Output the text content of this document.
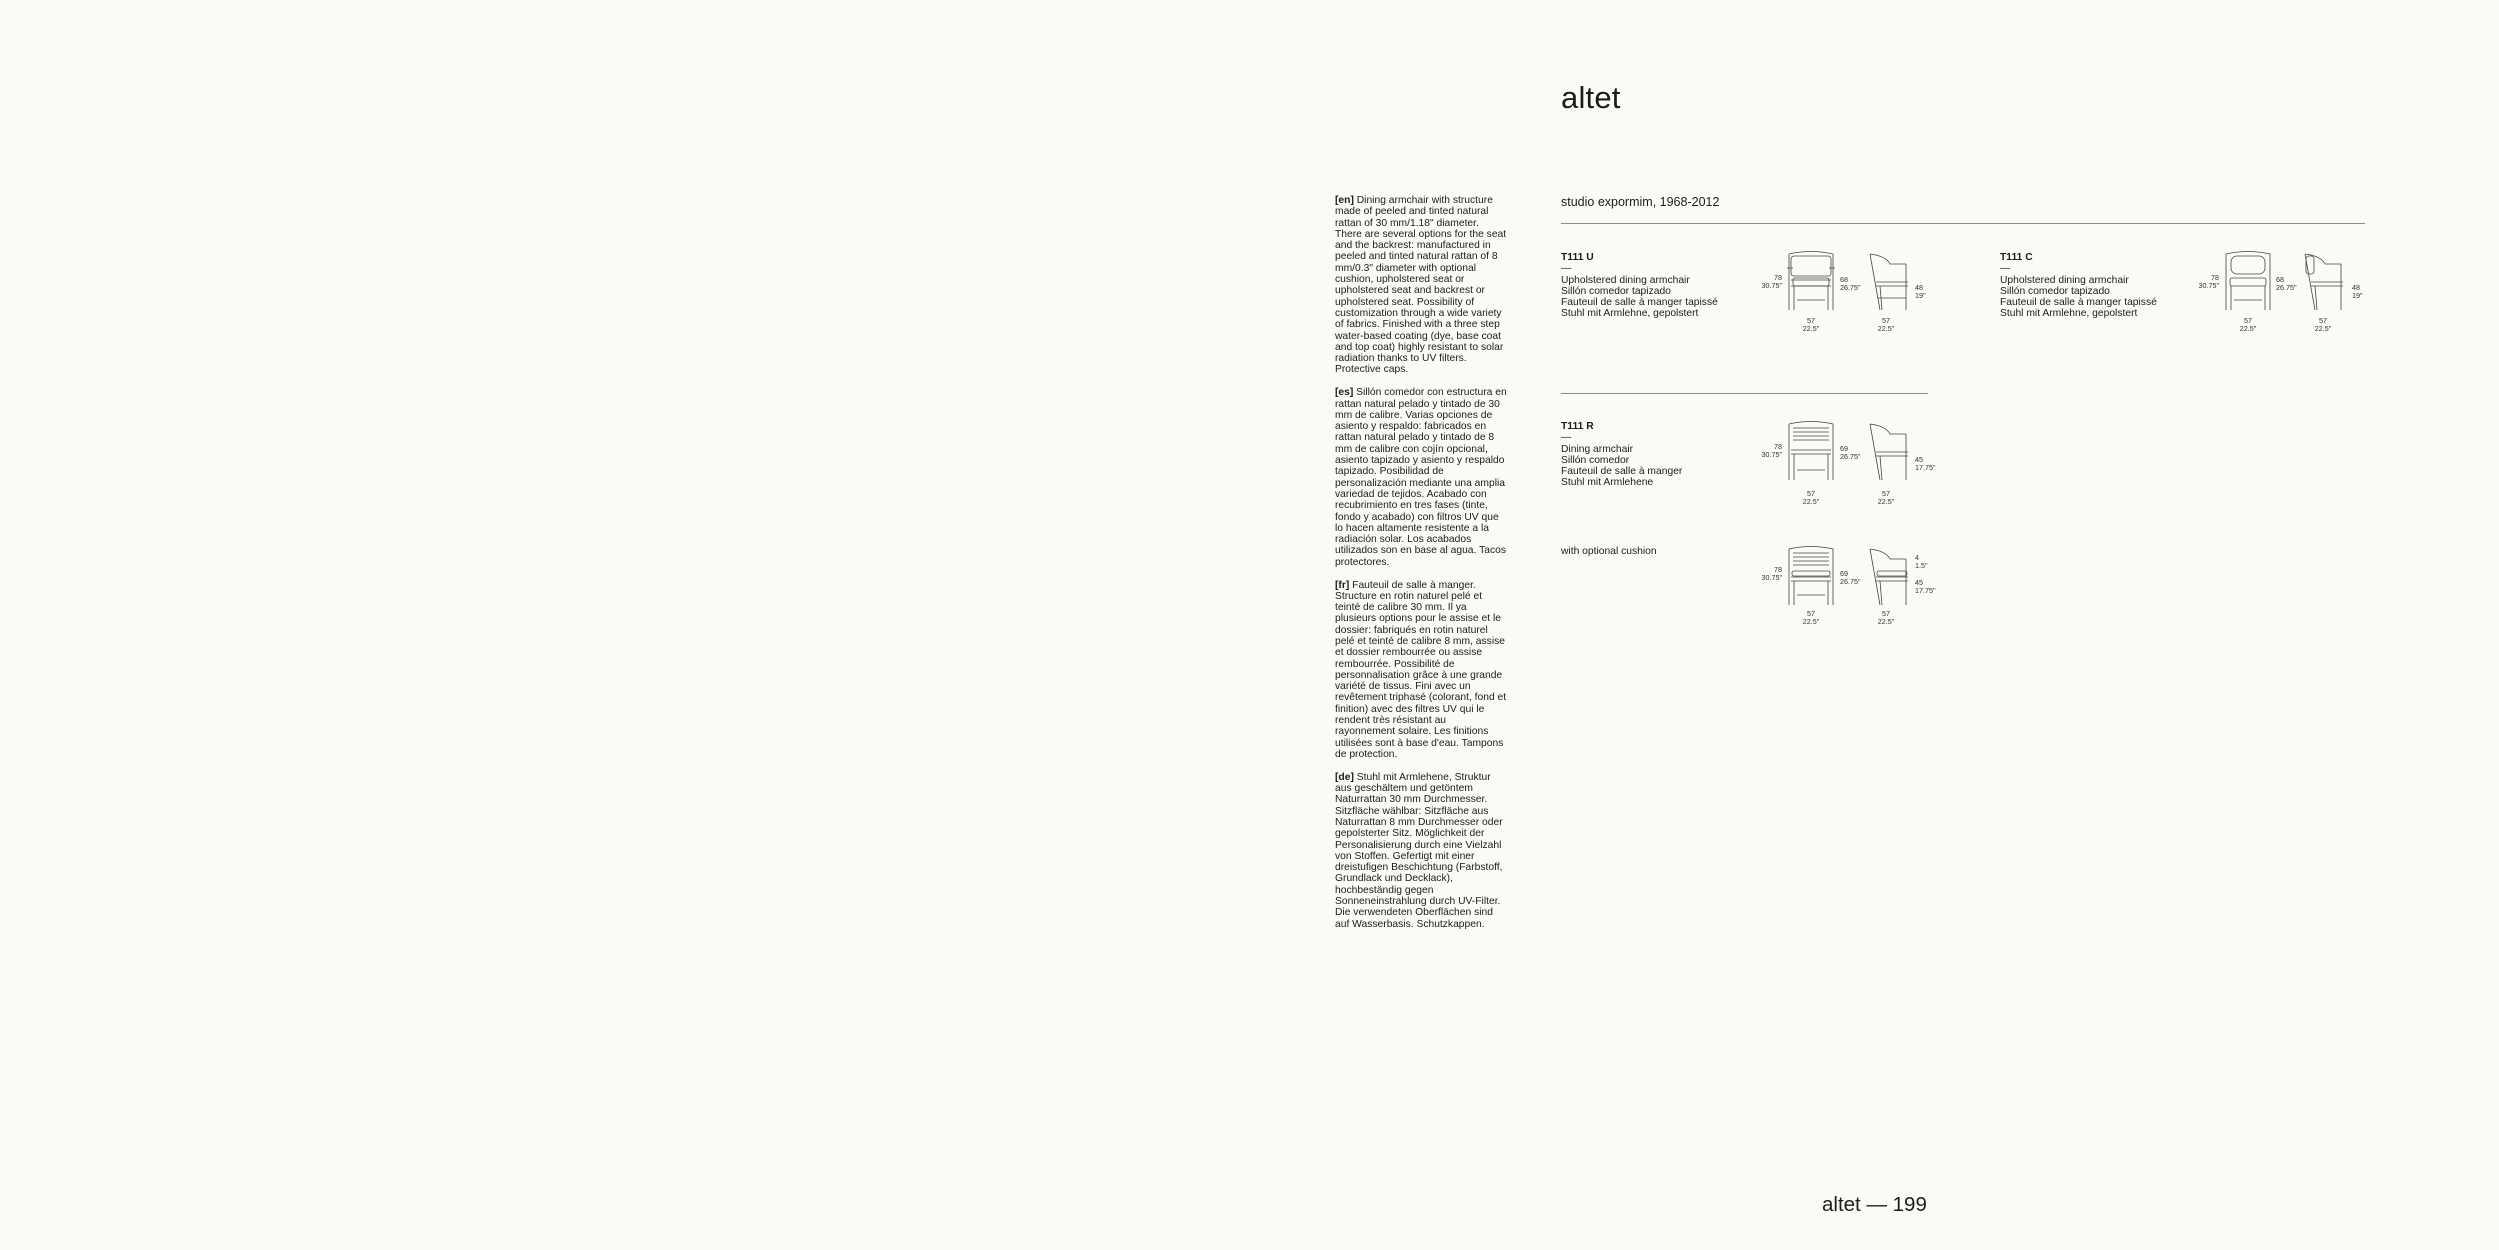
altet
studio expormim, 1968-2012

[en] Dining armchair with structure made of peeled and tinted natural rattan of 30 mm/1.18" diameter. There are several options for the seat and the backrest: manufactured in peeled and tinted natural rattan of 8 mm/0.3" diameter with optional cushion, upholstered seat or upholstered seat and backrest or upholstered seat. Possibility of customization through a wide variety of fabrics. Finished with a three step water-based coating (dye, base coat and top coat) highly resistant to solar radiation thanks to UV filters. Protective caps.

[es] Sillón comedor con estructura en rattan natural pelado y tintado de 30 mm de calibre. Varias opciones de asiento y respaldo: fabricados en rattan natural pelado y tintado de 8 mm de calibre con cojín opcional, asiento tapizado y asiento y respaldo tapizado. Posibilidad de personalización mediante una amplia variedad de tejidos. Acabado con recubrimiento en tres fases (tinte, fondo y acabado) con filtros UV que lo hacen altamente resistente a la radiación solar. Los acabados utilizados son en base al agua. Tacos protectores.

[fr] Fauteuil de salle à manger. Structure en rotin naturel pelé et teinté de calibre 30 mm. Il ya plusieurs options pour le assise et le dossier: fabriqués en rotin naturel pelé et teinté de calibre 8 mm, assise et dossier rembourrée ou assise rembourrée. Possibilité de personnalisation grâce à une grande variété de tissus. Fini avec un revêtement triphasé (colorant, fond et finition) avec des filtres UV qui le rendent très résistant au rayonnement solaire. Les finitions utilisées sont à base d'eau. Tampons de protection.

[de] Stuhl mit Armlehene, Struktur aus geschältem und getöntem Naturrattan 30 mm Durchmesser. Sitzfläche wählbar: Sitzfläche aus Naturrattan 8 mm Durchmesser oder gepolsterter Sitz. Möglichkeit der Personalisierung durch eine Vielzahl von Stoffen. Gefertigt mit einer dreistufigen Beschichtung (Farbstoff, Grundlack und Decklack), hochbeständig gegen Sonneneinstrahlung durch UV-Filter. Die verwendeten Oberflächen sind auf Wasserbasis. Schutzkappen.

T111 U
—
Upholstered dining armchair
Sillón comedor tapizado
Fauteuil de salle à manger tapissé
Stuhl mit Armlehne, gepolstert
T111 C
—
Upholstered dining armchair
Sillón comedor tapizado
Fauteuil de salle à manger tapissé
Stuhl mit Armlehne, gepolstert
T111 R
—
Dining armchair
Sillón comedor
Fauteuil de salle à manger
Stuhl mit Armlehene
with optional cushion
78
30.75"
68
26.75"	48
19"
57
22.5"
57
22.5"
78
30.75"
68
26.75"	48
19"
57
22.5"
57
22.5"
78
30.75"
69
26.75"	45
17.75"
57
22.5"
57
22.5"
78
30.75"	69
26.75"
4
1.5"
45
17.75"
57
22.5"
57
22.5"
altet — 199
